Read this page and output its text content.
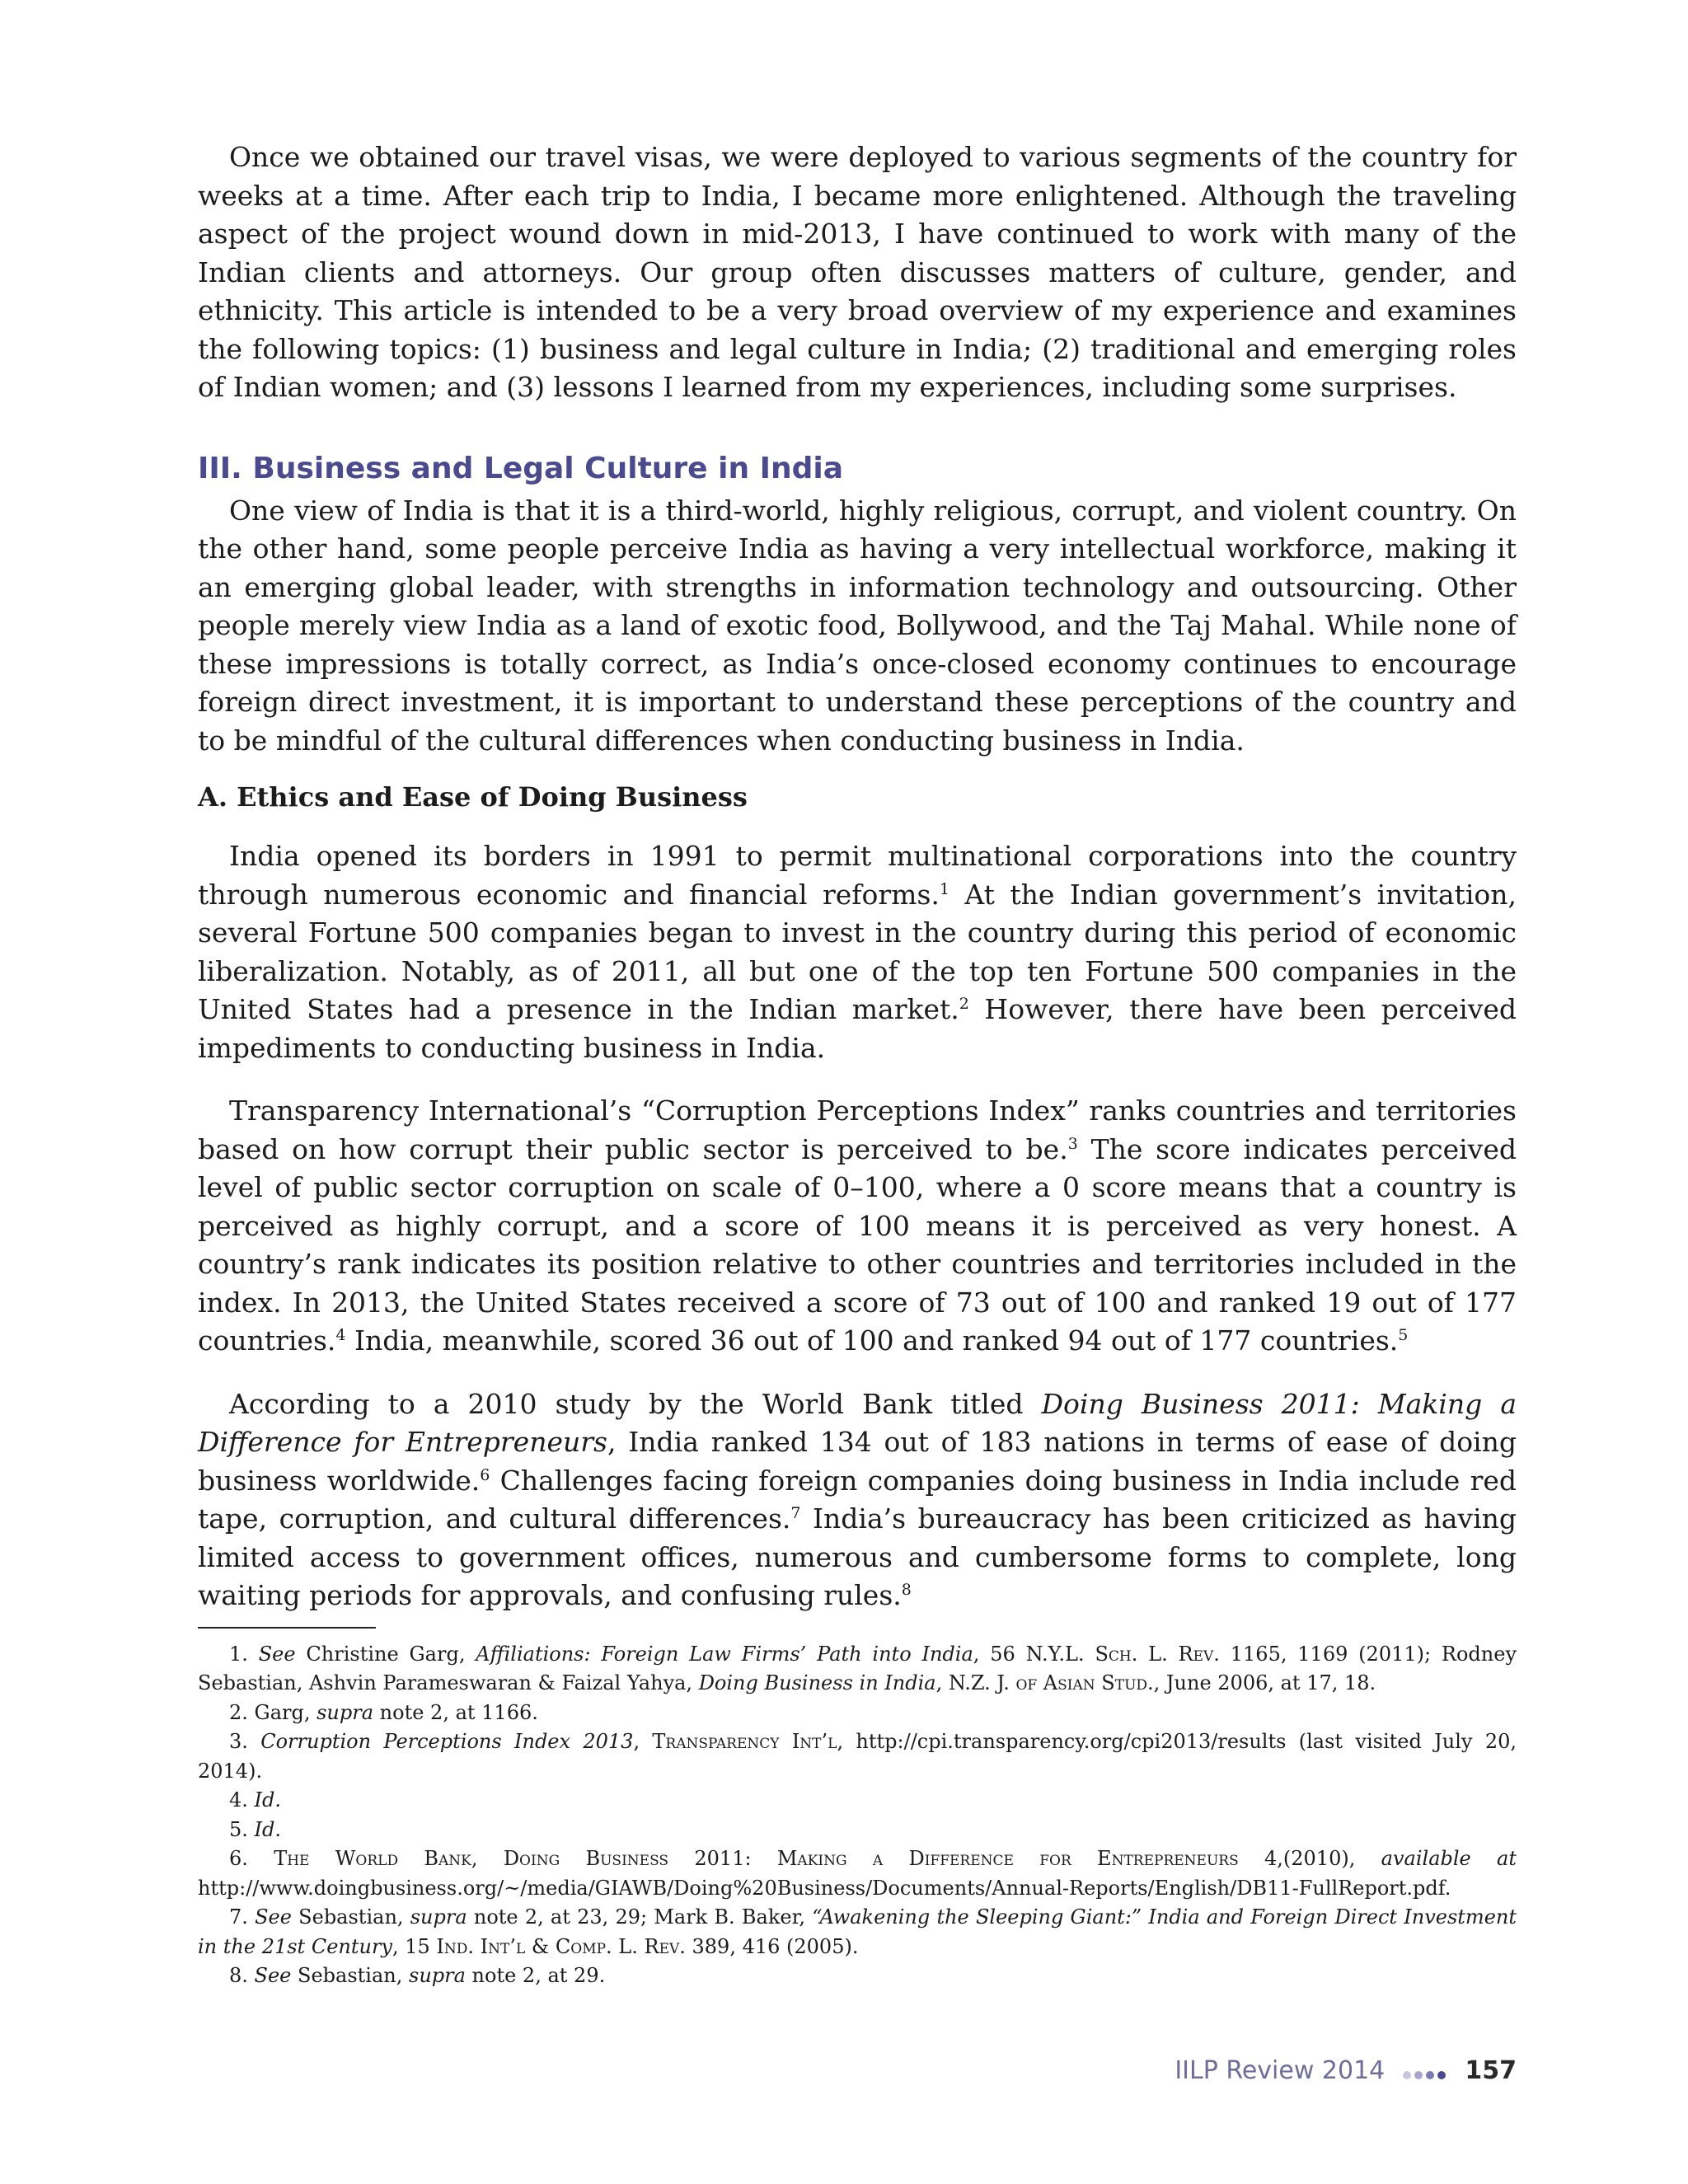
Once we obtained our travel visas, we were deployed to various segments of the country for weeks at a time. After each trip to India, I became more enlightened. Although the traveling aspect of the project wound down in mid-2013, I have continued to work with many of the Indian clients and attorneys. Our group often discusses matters of culture, gender, and ethnicity. This article is intended to be a very broad overview of my experience and examines the following topics: (1) business and legal culture in India; (2) traditional and emerging roles of Indian women; and (3) lessons I learned from my experiences, including some surprises.

III. Business and Legal Culture in India

One view of India is that it is a third-world, highly religious, corrupt, and violent country. On the other hand, some people perceive India as having a very intellectual workforce, making it an emerging global leader, with strengths in information technology and outsourcing. Other people merely view India as a land of exotic food, Bollywood, and the Taj Mahal. While none of these impressions is totally correct, as India’s once-closed economy continues to encourage foreign direct investment, it is important to understand these perceptions of the country and to be mindful of the cultural differences when conducting business in India.

A. Ethics and Ease of Doing Business

India opened its borders in 1991 to permit multinational corporations into the country through numerous economic and financial reforms.$^1$ At the Indian government’s invitation, several Fortune 500 companies began to invest in the country during this period of economic liberalization. Notably, as of 2011, all but one of the top ten Fortune 500 companies in the United States had a presence in the Indian market.$^2$ However, there have been perceived impediments to conducting business in India.

Transparency International’s “Corruption Perceptions Index” ranks countries and territories based on how corrupt their public sector is perceived to be.$^3$ The score indicates perceived level of public sector corruption on scale of 0–100, where a 0 score means that a country is perceived as highly corrupt, and a score of 100 means it is perceived as very honest. A country’s rank indicates its position relative to other countries and territories included in the index. In 2013, the United States received a score of 73 out of 100 and ranked 19 out of 177 countries.$^4$ India, meanwhile, scored 36 out of 100 and ranked 94 out of 177 countries.$^5$

According to a 2010 study by the World Bank titled Doing Business 2011: Making a Difference for Entrepreneurs, India ranked 134 out of 183 nations in terms of ease of doing business worldwide.$^6$ Challenges facing foreign companies doing business in India include red tape, corruption, and cultural differences.$^7$ India’s bureaucracy has been criticized as having limited access to government offices, numerous and cumbersome forms to complete, long waiting periods for approvals, and confusing rules.$^8$

1. See Christine Garg, Affiliations: Foreign Law Firms’ Path into India, 56 N.Y.L. Sch. L. Rev. 1165, 1169 (2011); Rodney Sebastian, Ashvin Parameswaran & Faizal Yahya, Doing Business in India, N.Z. J. of Asian Stud., June 2006, at 17, 18.

2. Garg, supra note 2, at 1166.

3. Corruption Perceptions Index 2013, Transparency Int’l, http://cpi.transparency.org/cpi2013/results (last visited July 20, 2014).

4. Id.

5. Id.

6. The World Bank, Doing Business 2011: Making a Difference for Entrepreneurs 4,(2010), available at http://www.doingbusiness.org/~/media/GIAWB/Doing%20Business/Documents/Annual-Reports/English/DB11-FullReport.pdf.

7. See Sebastian, supra note 2, at 23, 29; Mark B. Baker, “Awakening the Sleeping Giant:” India and Foreign Direct Investment in the 21st Century, 15 Ind. Int’l & Comp. L. Rev. 389, 416 (2005).

8. See Sebastian, supra note 2, at 29.

IILP Review 2014	157
